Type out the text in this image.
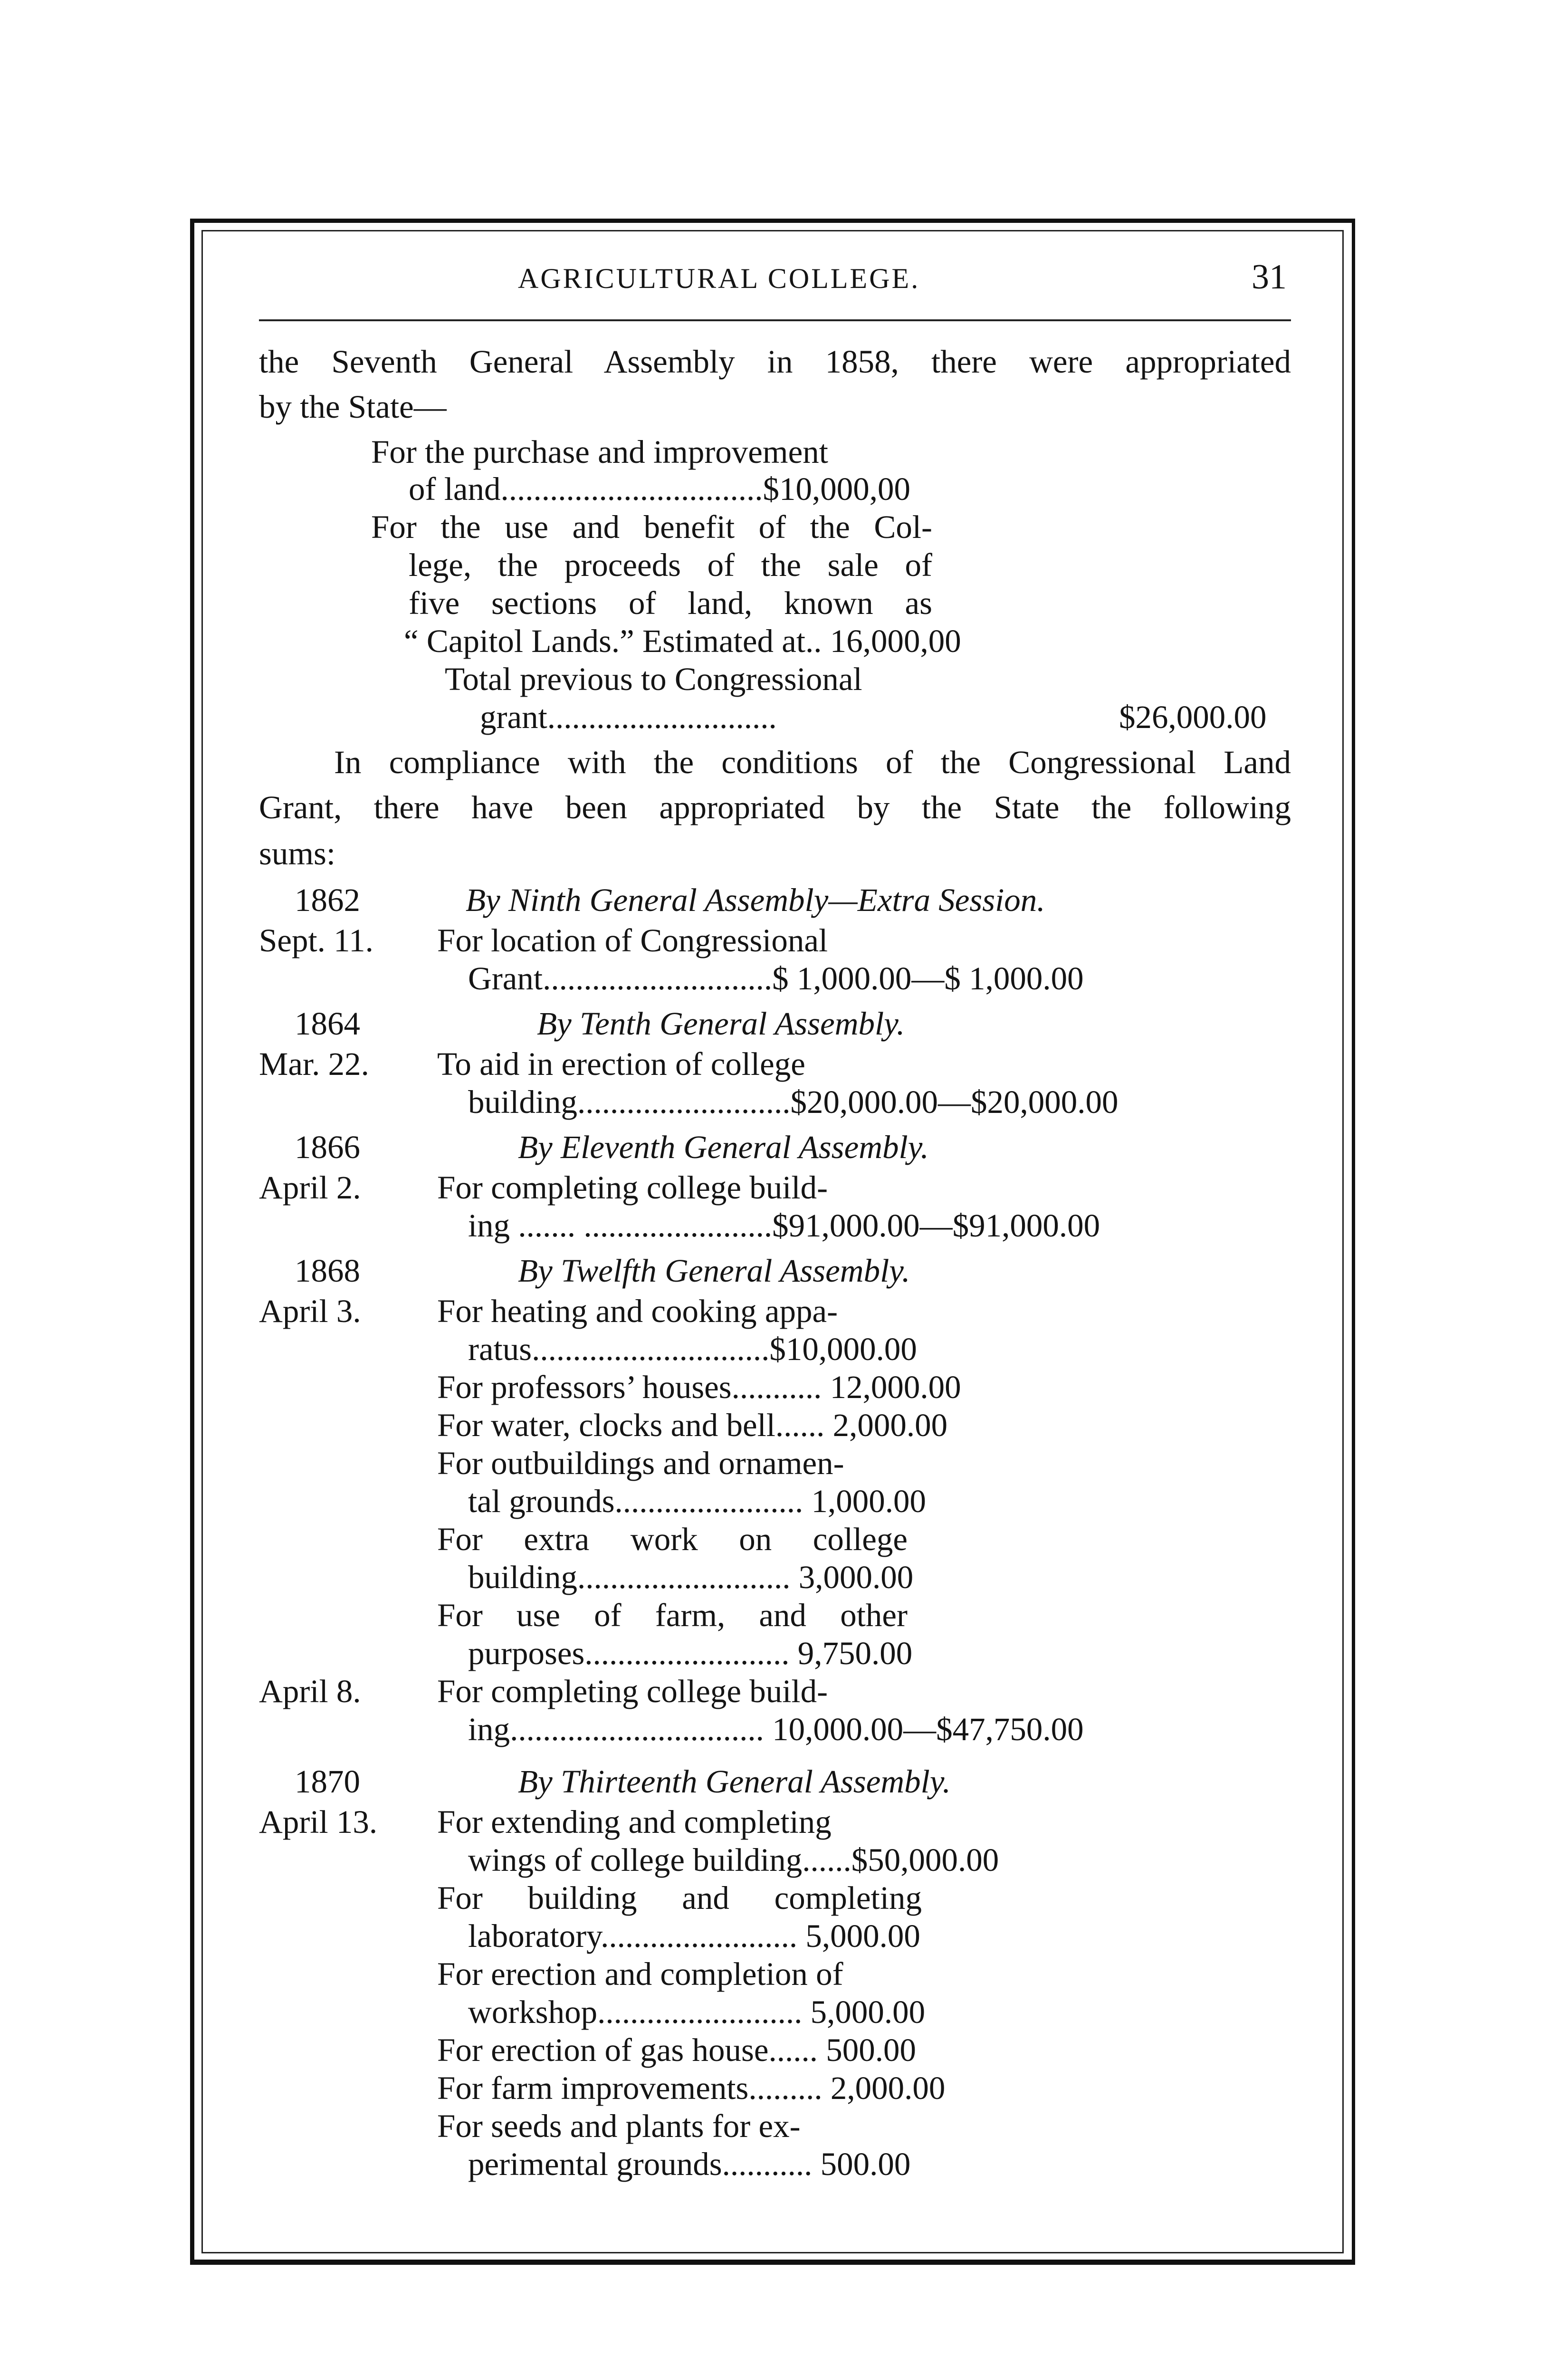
AGRICULTURAL COLLEGE.	31
the Seventh General Assembly in 1858, there were appropriated
by the State—
For the purchase and improvement
of land................................$10,000,00
For the use and benefit of the Col-
lege, the proceeds of the sale of
five sections of land, known as
“ Capitol Lands.” Estimated at.. 16,000,00
Total previous to Congressional
grant............................	$26,000.00
In compliance with the conditions of the Congressional Land
Grant, there have been appropriated by the State the following
sums:
1862	By Ninth General Assembly—Extra Session.
Sept. 11. For location of Congressional
Grant............................$ 1,000.00—$ 1,000.00
1864	By Tenth General Assembly.
Mar. 22. To aid in erection of college
building..........................$20,000.00—$20,000.00
1866	By Eleventh General Assembly.
April 2. For completing college build-
ing ....... .......................$91,000.00—$91,000.00
1868	By Twelfth General Assembly.
April 3. For heating and cooking appa-
ratus.............................$10,000.00
For professors’ houses........... 12,000.00
For water, clocks and bell...... 2,000.00
For outbuildings and ornamen-
tal grounds....................... 1,000.00
For extra work on college
building.......................... 3,000.00
For use of farm, and other
purposes......................... 9,750.00
April 8. For completing college build-
ing............................... 10,000.00—$47,750.00
1870	By Thirteenth General Assembly.
April 13. For extending and completing
wings of college building......$50,000.00
For building and completing
laboratory........................ 5,000.00
For erection and completion of
workshop......................... 5,000.00
For erection of gas house...... 500.00
For farm improvements......... 2,000.00
For seeds and plants for ex-
perimental grounds........... 500.00
